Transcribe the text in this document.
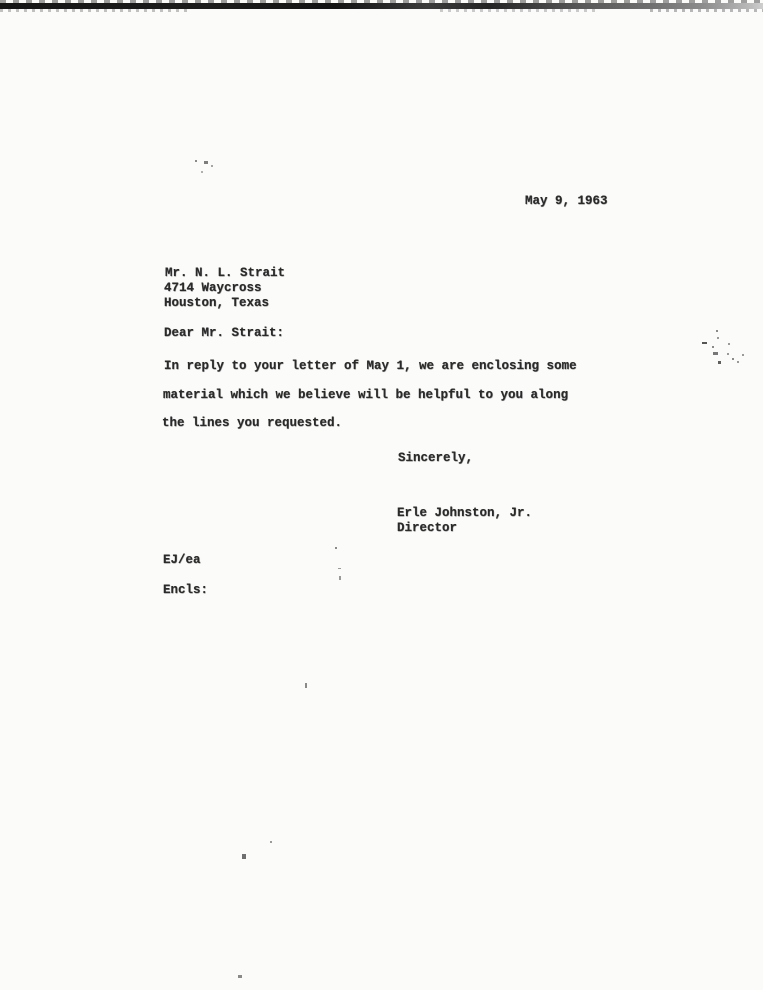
May 9, 1963
Mr. N. L. Strait
4714 Waycross
Houston, Texas
Dear Mr. Strait:
In reply to your letter of May 1, we are enclosing some
material which we believe will be helpful to you along
the lines you requested.
Sincerely,
Erle Johnston, Jr.
Director
EJ/ea
Encls:
